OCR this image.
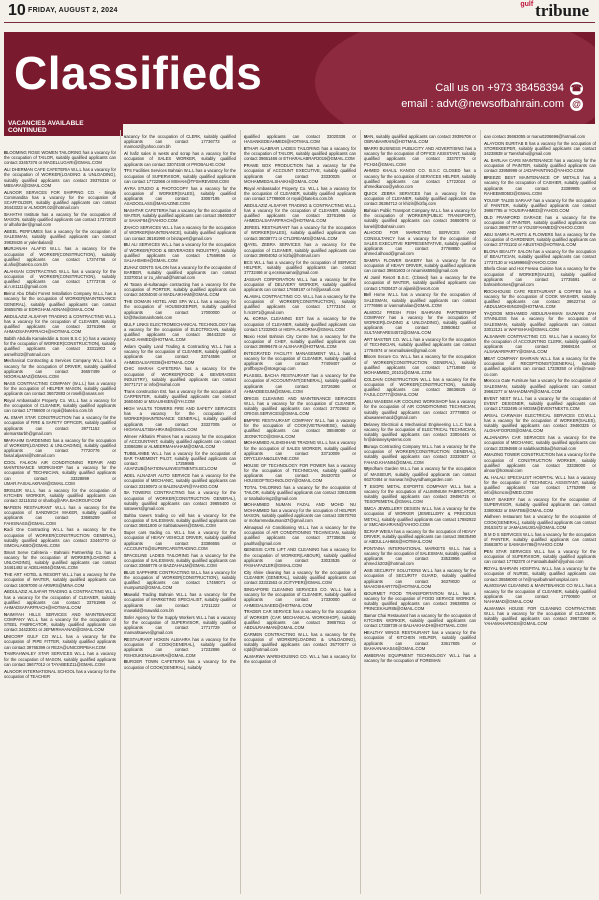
10 FRIDAY, AUGUST 2, 2024
$^{gulf}$ tribune
Classifieds	Call us on +973 38458394 ☎
email : advt@newsofbahrain.com @
VACANCIES AVAILABLE CONTINUED

BLOOMING ROSE WOMEN TAILORING has a vacancy for the occupation of TAILOR, suitably qualified applicants can contact 33457376 or MAGELLUGARI@GMAIL.COM

ALI DHERMAN CAFE CAFETERIA W.L.L has a vacancy for the occupation of WORKER(LOADING & UNLOADING), suitably qualified applicants can contact 39376316 or MBSARAI@GMAIL.COM

ALNOOR SERVICES FOR SHIPPING CO. - Single Commandita has a vacancy for the occupation of SCAFFOLDER, suitably qualified applicants can contact 36443323 or ALNOOR.02@hotmail.com

SAHATHI Institute has a vacancy for the occupation of MASON, suitably qualified applicants can contact 17372020 or alhaforder@gmail.com

ABEEL PERFUMES has a vacancy for the occupation of SALESMAN, suitably qualified applicants can contact 39838426 or yalenbalan@

MURJANAH ALAFIO W.L.L has a vacancy for the occupation of WORKER(CONSTRUCTION), suitably qualified applicants can contact 17374758 or al.afio@batelco.com.bh

ALAHSAN CONTRACTING W.L.L has a vacancy for the occupation of WORKER(CONSTRUCTION), suitably qualified applicants can contact 17773746 or al.n.m1111@gmail.com

Beirut Abu Dhabi Forest Installation Company W.L.L has a vacancy for the occupation of WORKER(MAINTENANCE GENERAL), suitably qualified applicants can contact 36655765 or EDRGHAM.ADNAN@GMAIL.COM

ABDULAZIZ ALSAFAR TRADING & CONTRACTING W.L.L has a vacancy for the occupation of CLEANER, suitably qualified applicants can contact 33761966 or AHMADSAFARFRACH@HOTMAIL.COM

Sabith Abdulla Kamaleddin & Sons B.S.C (c) has a vacancy for the occupation of WORKER(CONSTRUCTION), suitably qualified applicants can contact 33311803 or asmelhi22@hotmail.com

Mechanical Contracting & Services Company W.L.L has a vacancy for the occupation of DRIVER, suitably qualified applicants can contact 36657499 or NOORALMAZ@GMAIL.COM

NASS CONTRACTING COMPANY (W.L.L) has a vacancy for the occupation of HELPER MASON, suitably qualified applicants can contact 36672883 or rosell@anass.net

Royal Ambassador Property Co. W.L.L has a vacancy for the occupation of CLEANER, suitably qualified applicants can contact 17786600 or royal@batelco.com.bh

AL EMAR STAR CONSTRUCTION has a vacancy for the occupation of FIRE & SAFETY OFFICER, suitably qualified applicants can contact 39771152 or alemarstarbh@gmail.com

WARAHIM GARDENING has a vacancy for the occupation of WORKER(LOADING & UNLOADING), suitably qualified applicants can contact 77720776 or faisal.aljasmi@hotmail.com

COOL FALKON AIR CONDITIONING REPAIR AND MAINTENANCE WORKSHOP has a vacancy for the occupation of TECHNICIAN, suitably qualified applicants can contact 33328899 or UMAR.FAISALAKRAM@GMAIL.COM

SRISLER W.L.L has a vacancy for the occupation of KITCHEN WORKER, suitably qualified applicants can contact 32115152 or sharbq@ARA.BAGROUP.COM

NAFEEN RESTAURANT W.L.L has a vacancy for the occupation of SANDWICH MAKER, suitably qualified applicants can contact 33665259 or FAHISNASS@GMAIL.COM

Kadi One Contracting W.L.L has a vacancy for the occupation of WORKER(CONSTRUCTION GENERAL), suitably qualified applicants can contact 33440770 or SIMOALAKBO@GMAIL.COM

Smart Serve Cafeteria - Bahraini Partnership Co. has a vacancy for the occupation of WORKER(LOADING & UNLOADING), suitably qualified applicants can contact 34461492 or ADELH604@GMAIL.COM

THE ART HOTEL & RESORT W.L.L has a vacancy for the occupation of WAITER, suitably qualified applicants can contact 16097000 or ARWRS@MINA.COM

ABDULAZIZ ALSAFAR TRADING & CONTRACTING W.L.L has a vacancy for the occupation of CLEANER, suitably qualified applicants can contact 33761966 or AHMADSAFARFRACH@HOTMAIL.COM

NAIMIYAH HILLS SERVICES AND MAINTENANCE COMPANY W.L.L has a vacancy for the occupation of STEEL FABRICATOR, suitably qualified applicants can contact 34423001 or JEFMIRHAANAD@GMAIL.COM

UNICORP GULF CO W.L.L has a vacancy for the occupation of PIPE FITTER, suitably qualified applicants can contact 39765399 or REZA@UNICORPBAH.COM

TAMRAHWALEY STAR SERVICES W.L.L has a vacancy for the occupation of MASON, suitably qualified applicants can contact 36677012 or TAYABEEZ11@GMAIL.COM

ALNOOR INTERNATIONAL SCHOOL has a vacancy for the occupation of TEACHER

vacancy for the occupation of CLERK, suitably qualified applicants can contact 17736773 or mamooz@yahoo.com.bh

Al hafiz sales in wests and scrap has a vacancy for the occupation of SALES WORKER, suitably qualified applicants can contact 33074348 or PROBALHE.COM

TFS Facilities Services Bahrain W.L.L has a vacancy for the occupation of SUPERVISOR, suitably qualified applicants can contact 17722966 or MSHAH@TFSHREVIEW.COM

AYRA STUDIO & PHOTOCOPY has a vacancy for the occupation of WORKER(SALES), suitably qualified applicants can contact 33057195 or ASADOGLASS@MAGAZINE.COM

NASHTAR CAFETERIA has a vacancy for the occupation of WAITER, suitably qualified applicants can contact 36460307 or SAHAF84@YAHOO.COM

ZAHCO SERVICES W.L.L has a vacancy for the occupation of WORKER(MAINTENANCE), suitably qualified applicants can contact 38181990 or binzapert@gmail.com

BU ALI SERVICES W.L.L has a vacancy for the occupation of WORKER(FOOD & BEVERAGES INDUSTRY), suitably qualified applicants can contact 17569556 or SALAHSHEH@GMAIL.COM

ZUHAZ GENTS SALON has a vacancy for the occupation of BARBER, suitably qualified applicants can contact 33370014 or zu_ahmad@hotmail.com

Al Tatara al-sultanaqie contracting has a vacancy for the occupation of PORTER, suitably qualified applicants can contact 34004040 or MADLAIKHAM@GMAIL.COM

THE DOMAIN HOTEL AND SPA W.L.L has a vacancy for the occupation of HOUSEKEEPER, suitably qualified applicants can contact 17000000 or kz@thedomainhotels.com

GULF LINKS ELECTROMECHANICAL TECHNOLOGY has a vacancy for the occupation of ELECTRICIAN, suitably qualified applicants can contact 38443320 or ASAD.AHMED@HOTMAIL.COM

Aslam Quality Land Trading & Contracting W.L.L has a vacancy for the occupation of CLEANER, suitably qualified applicants can contact 33744596 or AHMEDALSAYED8@HOTMAIL.COM

CHIC MARAH CAFETERIA has a vacancy for the occupation of WORKER(FOOD & BEVERAGES INDUSTRY), suitably qualified applicants can contact 36771717 or info@mahal.com

Trans construction Est. has a vacancy for the occupation of CARPENTER, suitably qualified applicants can contact 36604040 or MSAUIHSEN@YH.COM

HIGH VAULTS TOWERS FIRE AND SAFETY SERVICES has a vacancy for the occupation of WORKER(MAINTENANCE GENERAL), suitably qualified applicants can contact 33327005 or HIGHVAULTSBAHRAIN@GMAIL.COM

Almeer Alkhatim Phones has a vacancy for the occupation of ACCOUNTANT, suitably qualified applicants can contact 33086398 or ALMEERMAHAHAM@GMAIL.COM

TUBBLAMBE W.L.L has a vacancy for the occupation of BAR TAMEMENT PILOT, suitably qualified applicants can contact 17259985 or ASAFZUB@NATIONALINVESTMENTS.BCLCOM

ADEL ALNAZAR AUTO SERVICE has a vacancy for the occupation of MECHANIC, suitably qualified applicants can contact 33190972 or BALENAZAR@YAHOO.COM

SA TOWERS CONTRACTING has a vacancy for the occupation of WORKER(CONSTRUCTION GENERAL), suitably qualified applicants can contact 39655400 or satowers@gmail.com

Sahba towers trading co will has a vacancy for the occupation of SALESMAN, suitably qualified applicants can contact 36811800 or Sahbatowers@GMAIL.COM

Super cars trading co. W.L.L has a vacancy for the occupation of HEAVY VEHICLE DRIVER, suitably qualified applicants can contact 33386655 or ACCOUNTS@SUPERCARSTRADING.COM

SPACELINE LADIES TAILORING has a vacancy for the occupation of SALESMAN, suitably qualified applicants can contact 33668778 or BAZZAHALM@GMAIL.COM

BLUE SAPPHIRE CONTRACTING W.L.L has a vacancy for the occupation of WORKER(CONSTRUCTION), suitably qualified applicants can contact 17459071 or mumpur52@GMAIL.COM

Mawalid Trading Bahrain W.L.L has a vacancy for the occupation of MARKETING SPECIALIST, suitably qualified applicants can contact 17211222 or mawalid@mawalid.com.bh

Sofer Agency for the Supply Workers W.L.L has a vacancy for the occupation of SUPERVISOR, suitably qualified applicants can contact 17717729 or manvaltsaeve@gmail.com

RESTAURANT HOKEN ALBAHRA has a vacancy for the occupation of COOK(GENERAL), suitably qualified applicants can contact 17232896 or RSHOUKENALBAHRA@GMAIL.COM

BURGER TOWN CAFETERIA has a vacancy for the occupation of COOK(GENERAL), suitably

qualified applicants can contact 33020336 or HASANKEDEAHMEDI@HOTMAIL.COM

ETHAR ALABRAR LADIES TAILORING has a vacancy for the occupation of TAILOR, suitably qualified applicants can contact 39661466 or ETHARALABRAR2019@GMAIL.COM

FRAME BOX PRODUCTION has a vacancy for the occupation of ACCOUNT EXECUTIVE, suitably qualified applicants can contact 33330025 or MOHAMMEDALSHAIKH@GMAIL.COM

Royal Ambassador Property Co. W.L.L has a vacancy for the occupation of CLEANER, suitably qualified applicants can contact 17786600 or royal@batelco.com.bh

ABDULAZIZ ALSAFAR TRADING & CONTRACTING W.L.L has a vacancy for the occupation of CLEANER, suitably qualified applicants can contact 33761966 or AHMEDALSAFARFRACH@HOTMAIL.COM

JEREEL RESTAURANT has a vacancy for the occupation of WORKER(SALES), suitably qualified applicants can contact 36038771 or CTLDREAMS@GMAIL.COM

QAYEL ZEBRA SERVICES has a vacancy for the occupation of CLEANER, suitably qualified applicants can contact 39804052 or kizfaj@hotmail.com

ECS W.L.L has a vacancy for the occupation of SERVICE HELPER, suitably qualified applicants can contact 37732466 or q.ecsmanama@gmail.com

JASSAFI CORPORATION W.L.L has a vacancy for the occupation of DELIVERY WORKER, suitably qualified applicants can contact 17658187 or hr@jassafi.com

ALAWAL CONTRACTING CO. W.L.L has a vacancy for the occupation of WORKER(CONSTRUCTION), suitably qualified applicants can contact 17773104 or h.m1971@gmail.com

AL KORNA CLEANING EST has a vacancy for the occupation of CLEANER, suitably qualified applicants can contact 17232903 or HEIFA.ALKORNA@GMAIL.COM

Noxio Hotel Bahrain City Centre has a vacancy for the occupation of CHEF, suitably qualified applicants can contact 39898478 or ALSHAAR@HOTMAIL.COM

INTEGRATED FACILITY MANAGEMENT W.L.L has a vacancy for the occupation of CLEANER, suitably qualified applicants can contact 77409407 or proffboyze@ntosgroup.com

FLASSEL BACHA RESTAURANT has a vacancy for the occupation of ACCOUNTANT(GENERAL), suitably qualified applicants can contact 33726366 or AHMADBEGUM@GMAIL.COM

ORIGIS CLEANING AND MAINTENANCE SERVICES W.L.L has a vacancy for the occupation of CLEANER, suitably qualified applicants can contact 37702662 or ORIGIS.SERVICES@GMAIL.COM

EMPIRE RESTAURANT COMPANY W.L.L has a vacancy for the occupation of COOK(VIETNAMESE), suitably qualified applicants can contact 38848080 or JEONKTCO@GMAIL.COM

MOHAMMED ALSHEHHAB TRADING W.L.L has a vacancy for the occupation of SALES WORKER, suitably qualified applicants can contact 33710009 or DRYCLEAN&GLEVINE.COM

HOUSE OF TECHNOLOGY FOR POWER has a vacancy for the occupation of TECHNICIAN, suitably qualified applicants can contact 36420703 or HOUSEOFTECHNOLOGY@GMAIL.COM

TOTAL TAILORING has a vacancy for the occupation of TAILOR, suitably qualified applicants can contact 33841086 or totaltailoring2@gmail.com

MOHAMMED NUMAN FAZAL AND MOHD NU MOHAMMED has a vacancy for the occupation of HELPER MASON, suitably qualified applicants can contact 33670793 or mohammedaumani37@gmail.com

Almaqsad Air Conditioning W.L.L has a vacancy for the occupation of AIR CONDITIONING TECHNICIAN, suitably qualified applicants can contact 37735636 or paulIha@gmail.com

GENESIS CATE LIFT AND CLEANING has a vacancy for the occupation of WORKER(LABOUR), suitably qualified applicants can contact 33033535 or PASHAFAZLER@GMAIL.COM

City shine cleaning has a vacancy for the occupation of CLEANER (GENERAL), suitably qualified applicants can contact 33331563 or JCITYPER@GMAIL.COM

SINGAPORE CLEANING SERVICES CO. W.L.L has a vacancy for the occupation of CLEANER, suitably qualified applicants can contact 17330000 or AHMEDALSAEED@HOTMAIL.COM

TRADER CAR SERVICE has a vacancy for the occupation of WORKER (CAR MECHANICAL WORKSHOP), suitably qualified applicants can contact 39867911 or ABDULRAHMAN@GMAIL.COM

CARMEN CONTRACTING W.L.L has a vacancy for the occupation of WORKER(LOADING & UNLOADING), suitably qualified applicants can contact 35770077 or rqtd@hotmail.com

ALMARWA WAREHOUSING CO. W.L.L has a vacancy for the occupation of

MAN, suitably qualified applicants can contact 39395708 or OBRABAHRAIN@HOTMAIL.COM

WARRI BUSINESS PUBLICITY AND ADVERTISING has a vacancy for the occupation of OFFICE ASSISTANT, suitably qualified applicants can contact 33370776 or PCH24@GMAIL.COM

AHMED KHALIL KANOO CO. B.S.C CLOSED has a vacancy for the occupation of SERVICES HELPER, suitably qualified applicants can contact 17722024 or ahmedkanoo@yahoo.com

QUICK ZEBRA SERVICES has a vacancy for the occupation of CLEANER, suitably qualified applicants can contact 36384712 or khizir@kizfaj.com

Bahrain Public Transport Company W.L.L has a vacancy for the occupation of WORKER(PUBLIC TRANSPORT), suitably qualified applicants can contact 36660876 or kanel@btbahrain.com

ALHOOD FOR MARKETING SERVICES AND CONSULTANCY has a vacancy for the occupation of SALES EXECUTIVE REPRESENTATIVE, suitably qualified applicants can contact 37768850 or ahmed.alhood@gmail.com

SAMIRA FLOWER BAKERY has a vacancy for the occupation of HEAVY DRIVER, suitably qualified applicants can contact 39661603 or ninamiss556@gmail.com

Al Jamil Resort B.S.C. (Closed) has a vacancy for the occupation of WAITER, suitably qualified applicants can contact 17830437 or aljamil@resort.com

Bell Home W.L.L has a vacancy for the occupation of SALESMAN, suitably qualified applicants can contact 17776666 or ivanmahalian@GMAIL.COM

ALMOOJ FRESH FISH BAHRAINI PARTNERSHIP COMPANY has a vacancy for the occupation of WORKER(LOADING & UNLOADING), suitably qualified applicants can contact 33950842 or SULTANFARES4572@GMAIL.COM

ART MASTER CO. W.L.L has a vacancy for the occupation of TECHNICIAN, suitably qualified applicants can contact 17784974 or nexmailsales@gmail.com

Bloom Secure Co. W.L.L has a vacancy for the occupation of WORKER(CONSTRUCTION GENERAL), suitably qualified applicants can contact 17716560 or MOHAMMED_20101@GMAIL.COM

COLDAIN CONSTRUCTION W.L.L has a vacancy for the occupation of WORKER(CONSTRUCTION), suitably qualified applicants can contact 38636825 or FAJULCO777@GMAIL.COM

ABU WASEEM AIR COOLING WORKSHOP has a vacancy for the occupation of AIR CONDITIONING TECHNICIAN, suitably qualified applicants can contact 37778803 or abuwaseemacd@gmail.com

Delaney Electrical & Mechanical Engineering L.L.C has a vacancy for the occupation of ELECTRICAL TECHNICIAN, suitably qualified applicants can contact 33004446 or hr@delaneysystems.com

Buraqa Contracting Company W.L.L has a vacancy for the occupation of WORKER(CONSTRUCTION GENERAL), suitably qualified applicants can contact 33330637 or FAHAD.KHAN04@GMAIL.COM

Wyndham Garden W.L.L has a vacancy for the occupation of MASSEUR, suitably qualified applicants can contact 66370464 or manwar.hr@wyndhamgarden.com

T ESOPE METAL EXPORTS COMPANY W.L.L has a vacancy for the occupation of ALUMINIUM FABRICATOR, suitably qualified applicants can contact 39496715 or TESOPEMETAL@GMAIL.COM

SMCA JEWELLERY DESIGN W.L.L has a vacancy for the occupation of WORKER (JEWELLERY & PRECIOUS METAL), suitably qualified applicants can contact 17882922 or SMCABAHRAIN@YAHOO.COM

SCRAP WEISA has a vacancy for the occupation of HEAVY DRIVER, suitably qualified applicants can contact 36635490 or ABDULLAH66S@HOTMAIL.COM

FONTAINA INTERNATIONAL MARKETS W.L.L has a vacancy for the occupation of SALESMAN, suitably qualified applicants can contact 33533956 or ahmed.k203@hotmail.com

ASB SECURITY SOLUTIONS W.L.L has a vacancy for the occupation of SECURITY GUARD, suitably qualified applicants can contact 36378020 or MAAIOSHIAR770@HOTMAIL.COM

GOURMET FOOD TRANSPORTATION W.L.L has a vacancy for the occupation of FOOD SERVICE WORKER, suitably qualified applicants can contact 39638055 or PRINCEKAUR85@GMAIL.COM

Samar Chai Restaurant has a vacancy for the occupation of KITCHEN WORKER, suitably qualified applicants can contact 17338739 or BALHAKHADHI@HOTMAIL.COM

HEALTHY WINGS RESTAURANT has a vacancy for the occupation of KITCHEN HELPER, suitably qualified applicants can contact 33617805 or BAHAANAKAS44@GMAIL.COM

AMBERAN EQUIPMENT TECHNOLOGY W.L.L has a vacancy for the occupation of FOREMAN

can contact 36663055 or manu0206696@hotmail.com

ALAYOON EURITAB B has a vacancy for the occupation of STOREKEEPER, suitably qualified applicants can contact 34238838 or Tamshahu@gmail.com

AL BARLAH CARS MAINTENANCE has a vacancy for the occupation of PAINTER, suitably qualified applicants can contact 33958998 or JADAPAINTING@YAHOO.COM

BREEZE BEST MAINTENANCE OF METALS has a vacancy for the occupation of CASHIER, suitably qualified applicants can contact 33389905 or RAHEEM00502@GMAIL.COM

YOUSIF TALEB SARAAF has a vacancy for the occupation of PAINTER, suitably qualified applicants can contact 39867785 or YOUSIFAHMED@YAHOO.COM

OLD FRANFORD GARAGE has a vacancy for the occupation of PAINTER, suitably qualified applicants can contact 39867787 or YOUSIFAHMED@YAHOO.COM

ABU SAMRA PLANTS & FLOWERS has a vacancy for the occupation of GARDENER, suitably qualified applicants can contact 37701102 or ABUSTAD@HOTMAIL.COM

ELONA BEAUTY SALON has a vacancy for the occupation of BEAUTICIAN, suitably qualified applicants can contact 17737130 or HLM9986@YAHOO.COM

Shefa Clean and Hot Fresea Cuisine has a vacancy for the occupation of WORKER(SALES), suitably qualified applicants can contact 17735591 or bahrainhomes@gmail.com

ROCKHOUSE CAFE RESTAURANT & COFFEE has a vacancy for the occupation of COOK WASHER, suitably qualified applicants can contact 39622744 or ABDULMOHSIN109@HOTMAIL.COM

YAQOOB MOHAMED ABDULRAHMAN SAJWANI ZAH STAINLESS has a vacancy for the occupation of SALESMAN, suitably qualified applicants can contact 33012121 or WAFISHAH@GMAIL.COM

ALSAWARI CONTRACTING CO. W.L.L has a vacancy for the occupation of ACCOUNTING CLERK, suitably qualified applicants can contact 39668104 or ALSAWARIPARTY@GMAIL.COM

MEAT COMPANY BAHRAIN W.L.L has a vacancy for the occupation of RECEPTIONIST(GENERAL), suitably qualified applicants can contact 17339350 or info@meat-co.com

Morocco Gate Furniture has a vacancy for the occupation of SALESMAN, suitably qualified applicants can contact 39662277 or MAHADMAR@GMAIL.COM

EVENT NEXT W.L.L has a vacancy for the occupation of EVENT DESIGNER, suitably qualified applicants can contact 17332495 or MOSM@EVENTNEXTS.COM

ARSAL CARWASH ELECTRICAL SERVICES CO.W.L.L has a vacancy for the occupation of WORKER(SALES), suitably qualified applicants can contact 39460325 or ALGHAFOOR30@GMAIL.COM

ALJANADRA CAR SERVICES has a vacancy for the occupation of MECHANIC, suitably qualified applicants can contact 33394868 or salahkan35ba@hotmail.com

AMAZING TOWER CONSTRUCTION has a vacancy for the occupation of CONSTRUCTION WORKER, suitably qualified applicants can contact 33336000 or alnoor@hotmail.com

AL HALALI SPECIALIST HOSPITAL W.L.L has a vacancy for the occupation of TECHNICAL ASSISTANT, suitably qualified applicants can contact 17752999 or info@kcmcm@MED.COM

SMAT BAKERY has a vacancy for the occupation of SUPERVISOR, suitably qualified applicants can contact 33800632 or SMATB6@GMAIL.COM

Alalheen restaurant has a vacancy for the occupation of COOK(GENERAL), suitably qualified applicants can contact 39153472 or JAMALMUJIGA@GMAIL.COM

S M D S SERVICES W.L.L has a vacancy for the occupation of PAINTER, suitably qualified applicants can contact 35663870 or SAMASH786@YAHOO.COM

PEN STAR SERVICES W.L.L has a vacancy for the occupation of SUPERVISOR, suitably qualified applicants can contact 17782370 or Fantaaltubaikh@yahoo.com

ROYAL BAHRAIN HOSPITAL W.L.L has a vacancy for the occupation of NURSE, suitably qualified applicants can contact 35556000 or hr@royalbahrainhospital.com

ALMOSAWI CLEANING & MAINTENANCE CO W.L.L has a vacancy for the occupation of CLEANER, suitably qualified applicants can contact 17700600 or NAHAMAD@GMAIL.COM

ALMANWA HOUSE FOR CLEANING CONTRACTING W.L.L has a vacancy for the occupation of CLEANER, suitably qualified applicants can contact 39673366 or YAHAMAHAROSS@GMAIL.COM
